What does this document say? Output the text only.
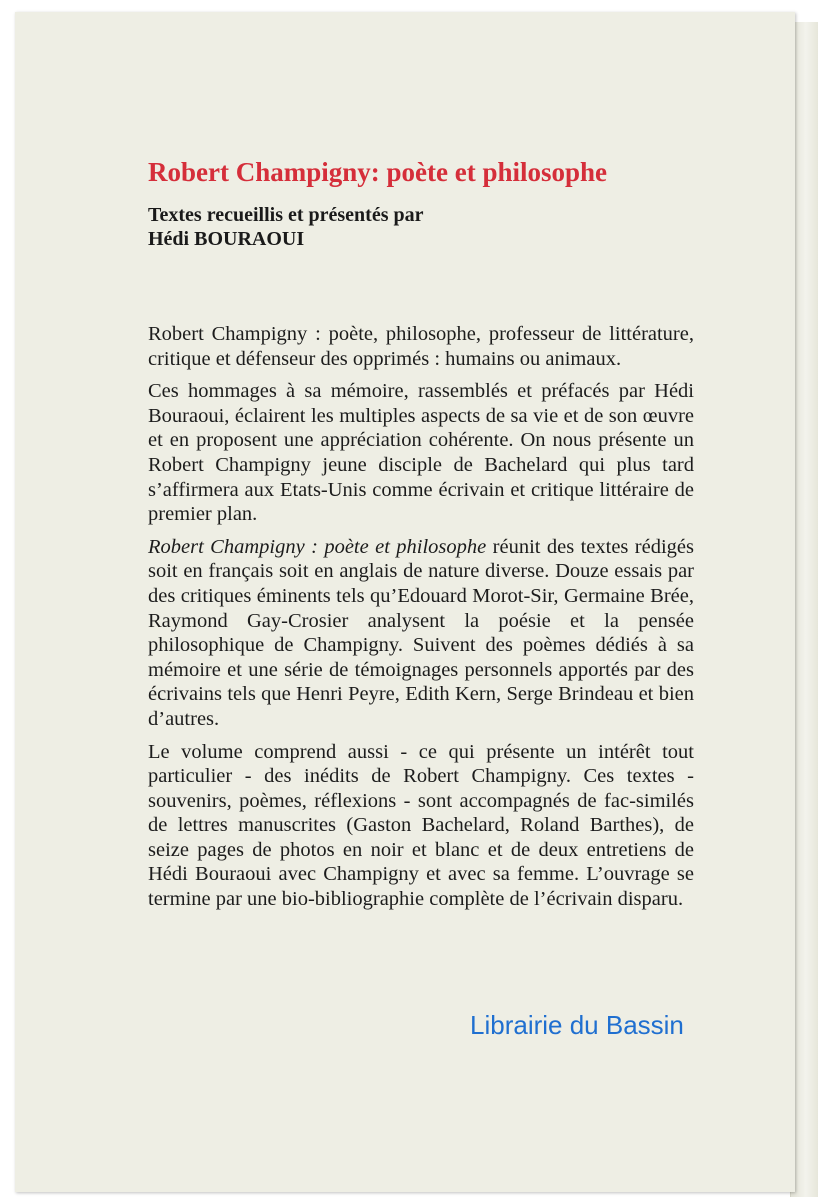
Robert Champigny: poète et philosophe
Textes recueillis et présentés par
Hédi BOURAOUI

Robert Champigny : poète, philosophe, professeur de littérature, critique et défenseur des opprimés : humains ou animaux.

Ces hommages à sa mémoire, rassemblés et préfacés par Hédi Bouraoui, éclairent les multiples aspects de sa vie et de son œuvre et en proposent une appréciation cohérente. On nous présente un Robert Champigny jeune disciple de Bachelard qui plus tard s’affirmera aux Etats-Unis comme écrivain et critique littéraire de premier plan.

Robert Champigny : poète et philosophe réunit des textes rédigés soit en français soit en anglais de nature diverse. Douze essais par des critiques éminents tels qu’Edouard Morot-Sir, Germaine Brée, Raymond Gay-Crosier analysent la poésie et la pensée philosophique de Champigny. Suivent des poèmes dédiés à sa mémoire et une série de témoignages personnels apportés par des écrivains tels que Henri Peyre, Edith Kern, Serge Brindeau et bien d’autres.

Le volume comprend aussi - ce qui présente un intérêt tout particulier - des inédits de Robert Champigny. Ces textes - souvenirs, poèmes, réflexions - sont accompagnés de fac-similés de lettres manuscrites (Gaston Bachelard, Roland Barthes), de seize pages de photos en noir et blanc et de deux entretiens de Hédi Bouraoui avec Champigny et avec sa femme. L’ouvrage se termine par une bio-bibliographie complète de l’écrivain disparu.

Librairie du Bassin
